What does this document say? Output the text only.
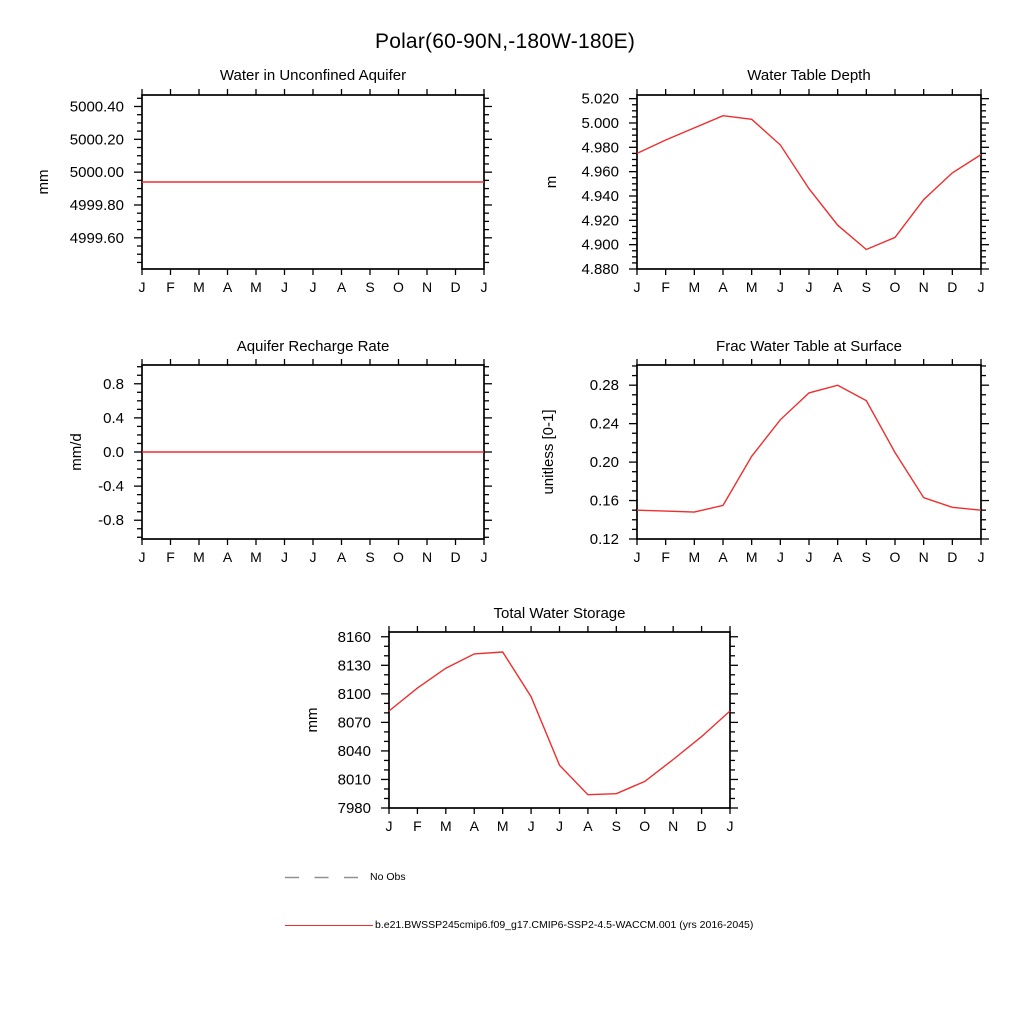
Polar(60-90N,-180W-180E)
J F M A M J J A S O N D J
4999.60
4999.80
5000.00
5000.20
5000.40
J F M A M J J A S O N D J
4.880
4.900
4.920
4.940
4.960
4.980
5.000
5.020
J F M A M J J A S O N D J
-0.8
-0.4
0.0
0.4
0.8
J F M A M J J A S O N D J
0.12
0.16
0.20
0.24
0.28
J F M A M J J A S O N D J
7980
8010
8040
8070
8100
8130
8160
Water in Unconfined Aquifer	Water Table Depth
Aquifer Recharge Rate	Frac Water Table at Surface
Total Water Storage
mm	m
mm/d	unitless [0-1]
mm
No Obs
b.e21.BWSSP245cmip6.f09_g17.CMIP6-SSP2-4.5-WACCM.001 (yrs 2016-2045)
